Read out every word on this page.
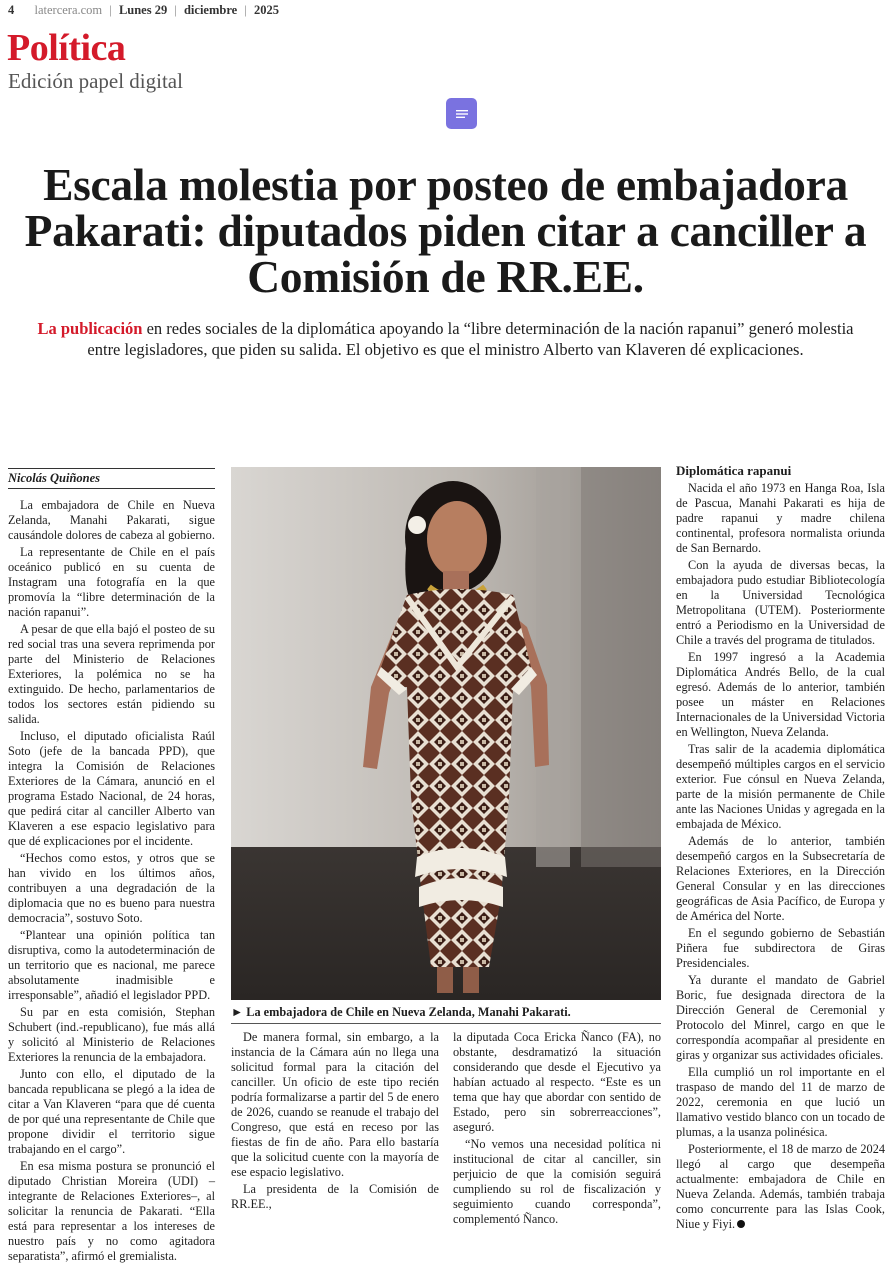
4 latercera.com | Lunes 29 | diciembre | 2025
Política
Edición papel digital
Escala molestia por posteo de embajadora Pakarati: diputados piden citar a canciller a Comisión de RR.EE.
La publicación en redes sociales de la diplomática apoyando la “libre determinación de la nación rapanui” generó molestia entre legisladores, que piden su salida. El objetivo es que el ministro Alberto van Klaveren dé explicaciones.
Nicolás Quiñones

La embajadora de Chile en Nueva Zelanda, Manahi Pakarati, sigue causándole dolores de cabeza al gobierno.

La representante de Chile en el país oceánico publicó en su cuenta de Instagram una fotografía en la que promovía la “libre determinación de la nación rapanui”.

A pesar de que ella bajó el posteo de su red social tras una severa reprimenda por parte del Ministerio de Relaciones Exteriores, la polémica no se ha extinguido. De hecho, parlamentarios de todos los sectores están pidiendo su salida.

Incluso, el diputado oficialista Raúl Soto (jefe de la bancada PPD), que integra la Comisión de Relaciones Exteriores de la Cámara, anunció en el programa Estado Nacional, de 24 horas, que pedirá citar al canciller Alberto van Klaveren a ese espacio legislativo para que dé explicaciones por el incidente.

“Hechos como estos, y otros que se han vivido en los últimos años, contribuyen a una degradación de la diplomacia que no es bueno para nuestra democracia”, sostuvo Soto.

“Plantear una opinión política tan disruptiva, como la autodeterminación de un territorio que es nacional, me parece absolutamente inadmisible e irresponsable”, añadió el legislador PPD.

Su par en esta comisión, Stephan Schubert (ind.-republicano), fue más allá y solicitó al Ministerio de Relaciones Exteriores la renuncia de la embajadora.

Junto con ello, el diputado de la bancada republicana se plegó a la idea de citar a Van Klaveren “para que dé cuenta de por qué una representante de Chile que propone dividir el territorio sigue trabajando en el cargo”.

En esa misma postura se pronunció el diputado Christian Moreira (UDI) –integrante de Relaciones Exteriores–, al solicitar la renuncia de Pakarati. “Ella está para representar a los intereses de nuestro país y no como agitadora separatista”, afirmó el gremialista.

► La embajadora de Chile en Nueva Zelanda, Manahi Pakarati.

De manera formal, sin embargo, a la instancia de la Cámara aún no llega una solicitud formal para la citación del canciller. Un oficio de este tipo recién podría formalizarse a partir del 5 de enero de 2026, cuando se reanude el trabajo del Congreso, que está en receso por las fiestas de fin de año. Para ello bastaría que la solicitud cuente con la mayoría de ese espacio legislativo.

La presidenta de la Comisión de RR.EE.,

la diputada Coca Ericka Ñanco (FA), no obstante, desdramatizó la situación considerando que desde el Ejecutivo ya habían actuado al respecto. “Este es un tema que hay que abordar con sentido de Estado, pero sin sobrerreacciones”, aseguró.

“No vemos una necesidad política ni institucional de citar al canciller, sin perjuicio de que la comisión seguirá cumpliendo su rol de fiscalización y seguimiento cuando corresponda”, complementó Ñanco.

Diplomática rapanui

Nacida el año 1973 en Hanga Roa, Isla de Pascua, Manahi Pakarati es hija de padre rapanui y madre chilena continental, profesora normalista oriunda de San Bernardo.

Con la ayuda de diversas becas, la embajadora pudo estudiar Bibliotecología en la Universidad Tecnológica Metropolitana (UTEM). Posteriormente entró a Periodismo en la Universidad de Chile a través del programa de titulados.

En 1997 ingresó a la Academia Diplomática Andrés Bello, de la cual egresó. Además de lo anterior, también posee un máster en Relaciones Internacionales de la Universidad Victoria en Wellington, Nueva Zelanda.

Tras salir de la academia diplomática desempeñó múltiples cargos en el servicio exterior. Fue cónsul en Nueva Zelanda, parte de la misión permanente de Chile ante las Naciones Unidas y agregada en la embajada de México.

Además de lo anterior, también desempeñó cargos en la Subsecretaría de Relaciones Exteriores, en la Dirección General Consular y en las direcciones geográficas de Asia Pacífico, de Europa y de América del Norte.

En el segundo gobierno de Sebastián Piñera fue subdirectora de Giras Presidenciales.

Ya durante el mandato de Gabriel Boric, fue designada directora de la Dirección General de Ceremonial y Protocolo del Minrel, cargo en que le correspondía acompañar al presidente en giras y organizar sus actividades oficiales.

Ella cumplió un rol importante en el traspaso de mando del 11 de marzo de 2022, ceremonia en que lució un llamativo vestido blanco con un tocado de plumas, a la usanza polinésica.

Posteriormente, el 18 de marzo de 2024 llegó al cargo que desempeña actualmente: embajadora de Chile en Nueva Zelanda. Además, también trabaja como concurrente para las Islas Cook, Niue y Fiyi.
